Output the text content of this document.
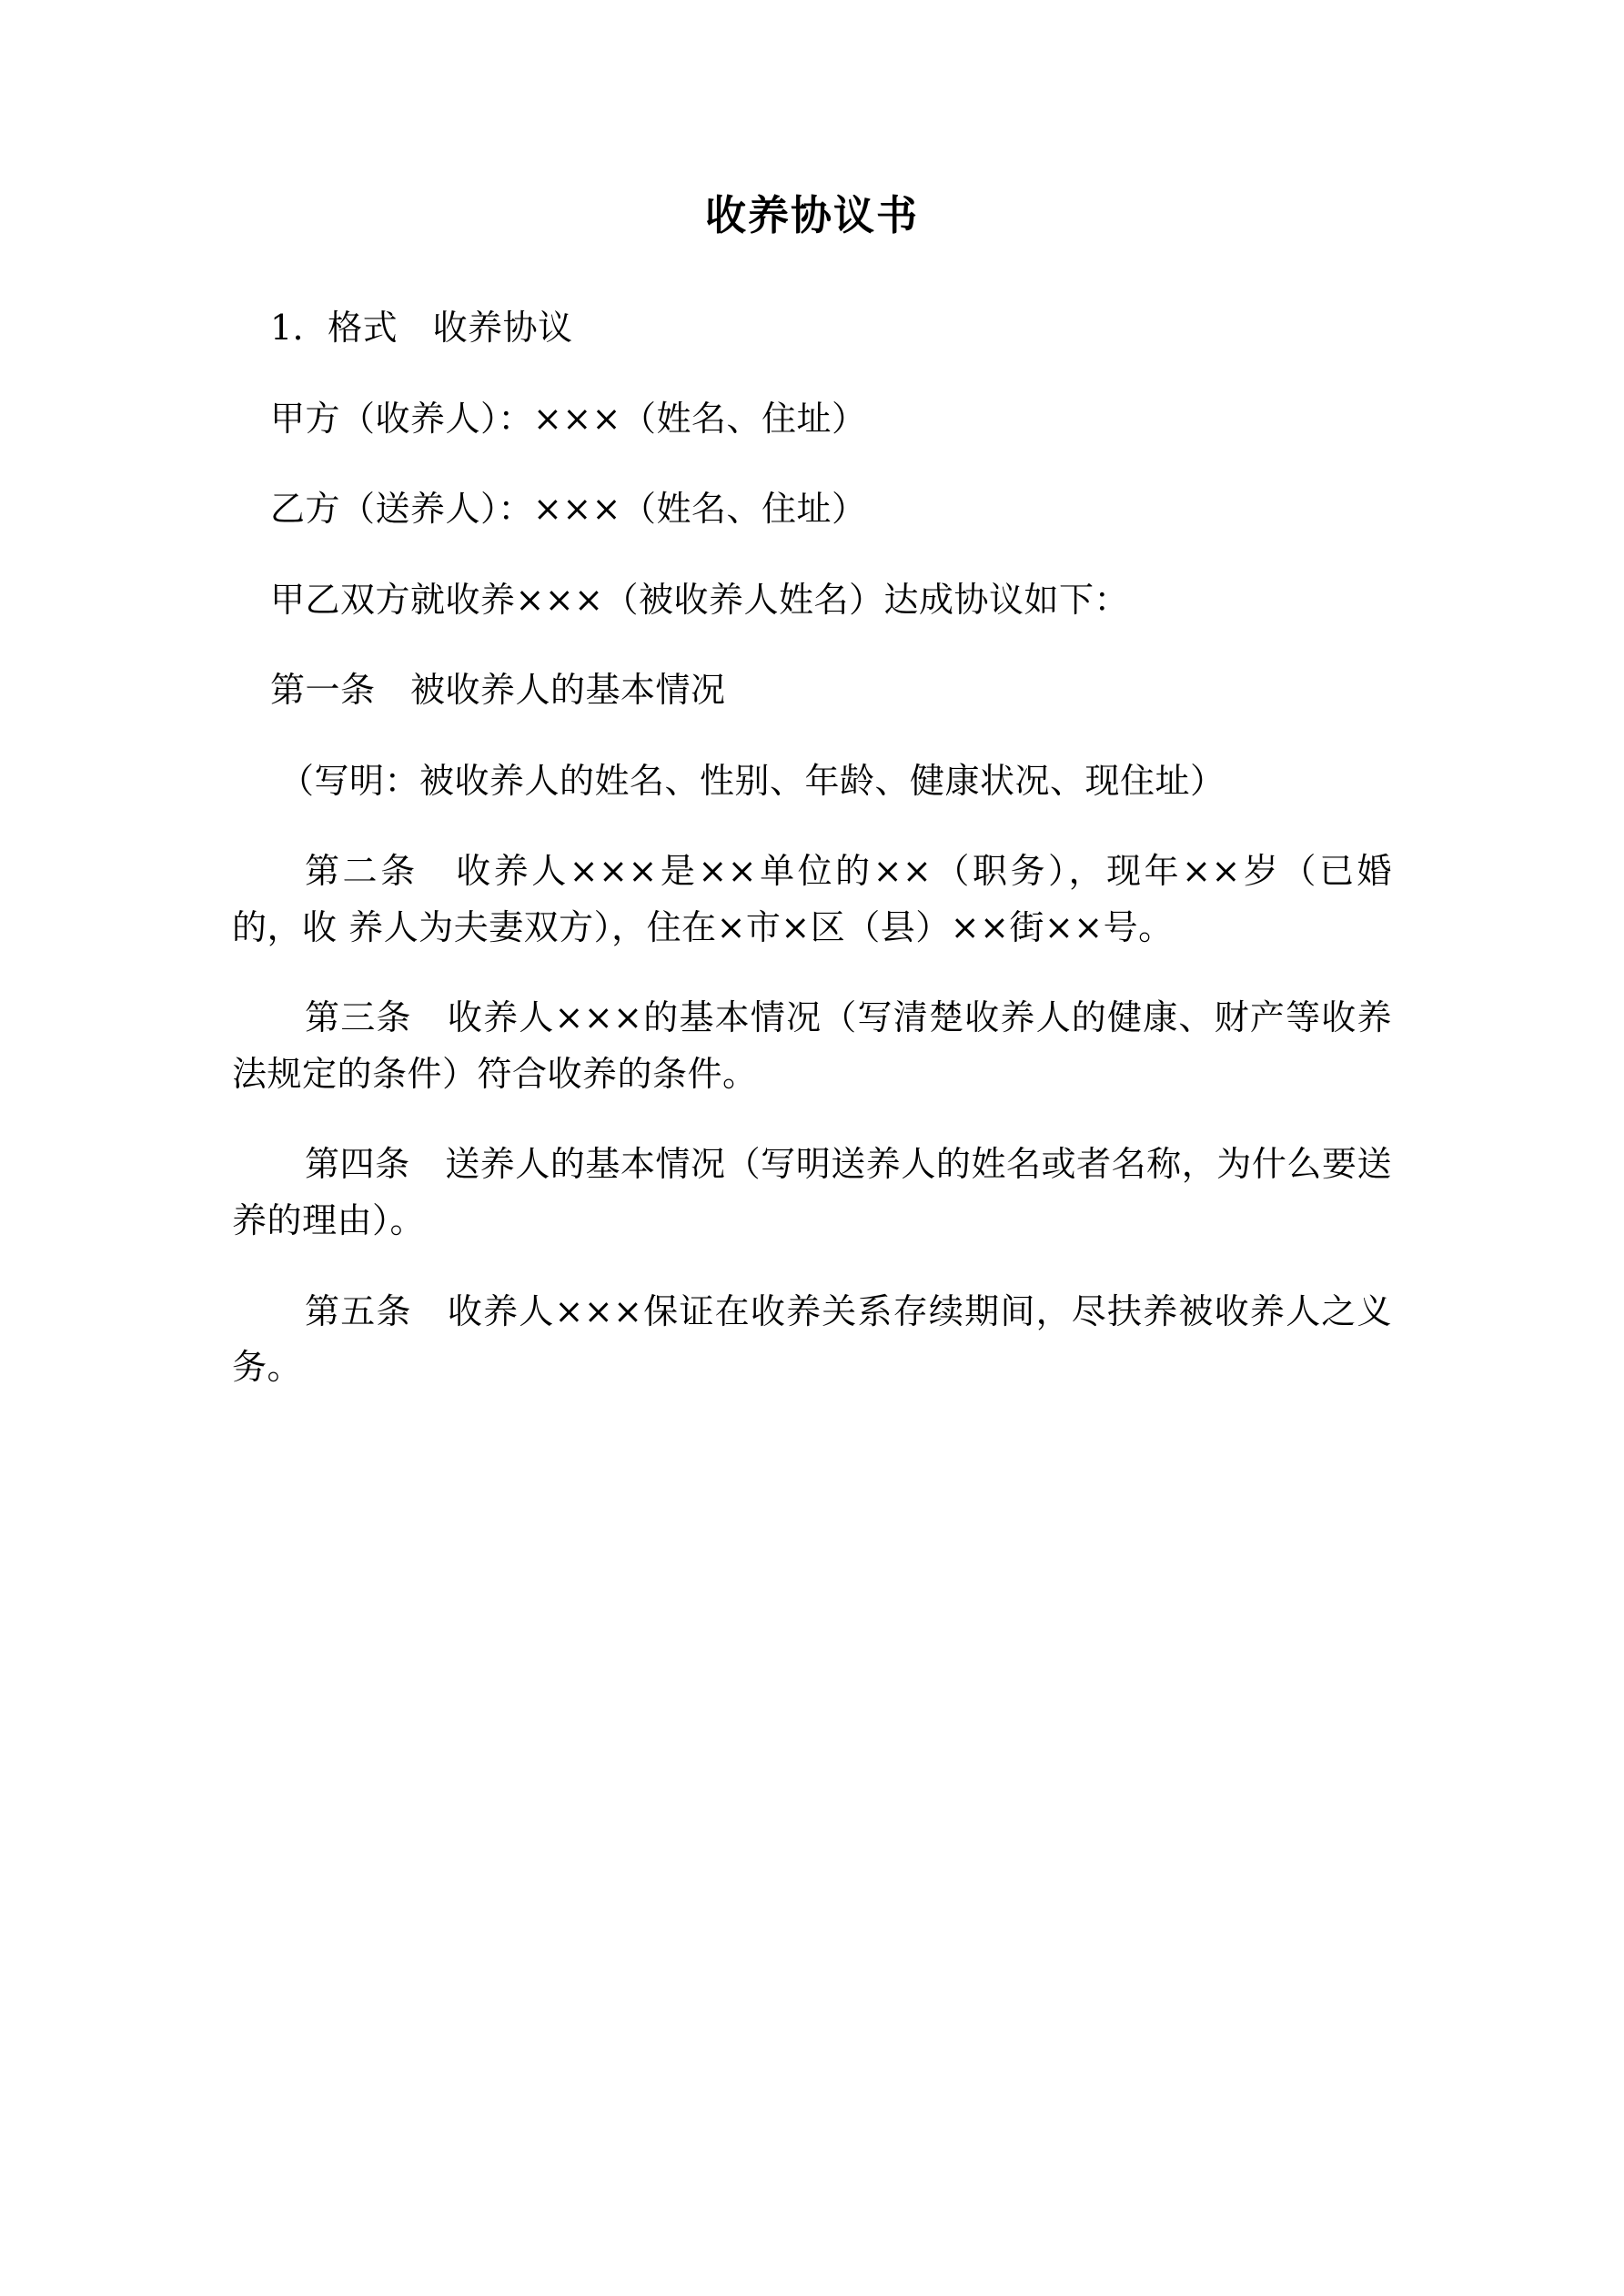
收养协议书

1．格式　收养协议

甲方（收养人）：×××（姓名、住址）

乙方（送养人）：×××（姓名、住址）

甲乙双方就收养×××（被收养人姓名）达成协议如下：

第一条　被收养人的基本情况

（写明：被收养人的姓名、性别、年龄、健康状况、现住址）

第二条　收养人×××是××单位的××（职务），现年××岁（已婚的，收 养人为夫妻双方），住在×市×区（县）××街××号。

第三条　收养人×××的基本情况（写清楚收养人的健康、财产等收养法规定的条件）符合收养的条件。

第四条　送养人的基本情况（写明送养人的姓名或者名称，为什么要送养的理由）。

第五条　收养人×××保证在收养关系存续期间，尽扶养被收养人之义务。
